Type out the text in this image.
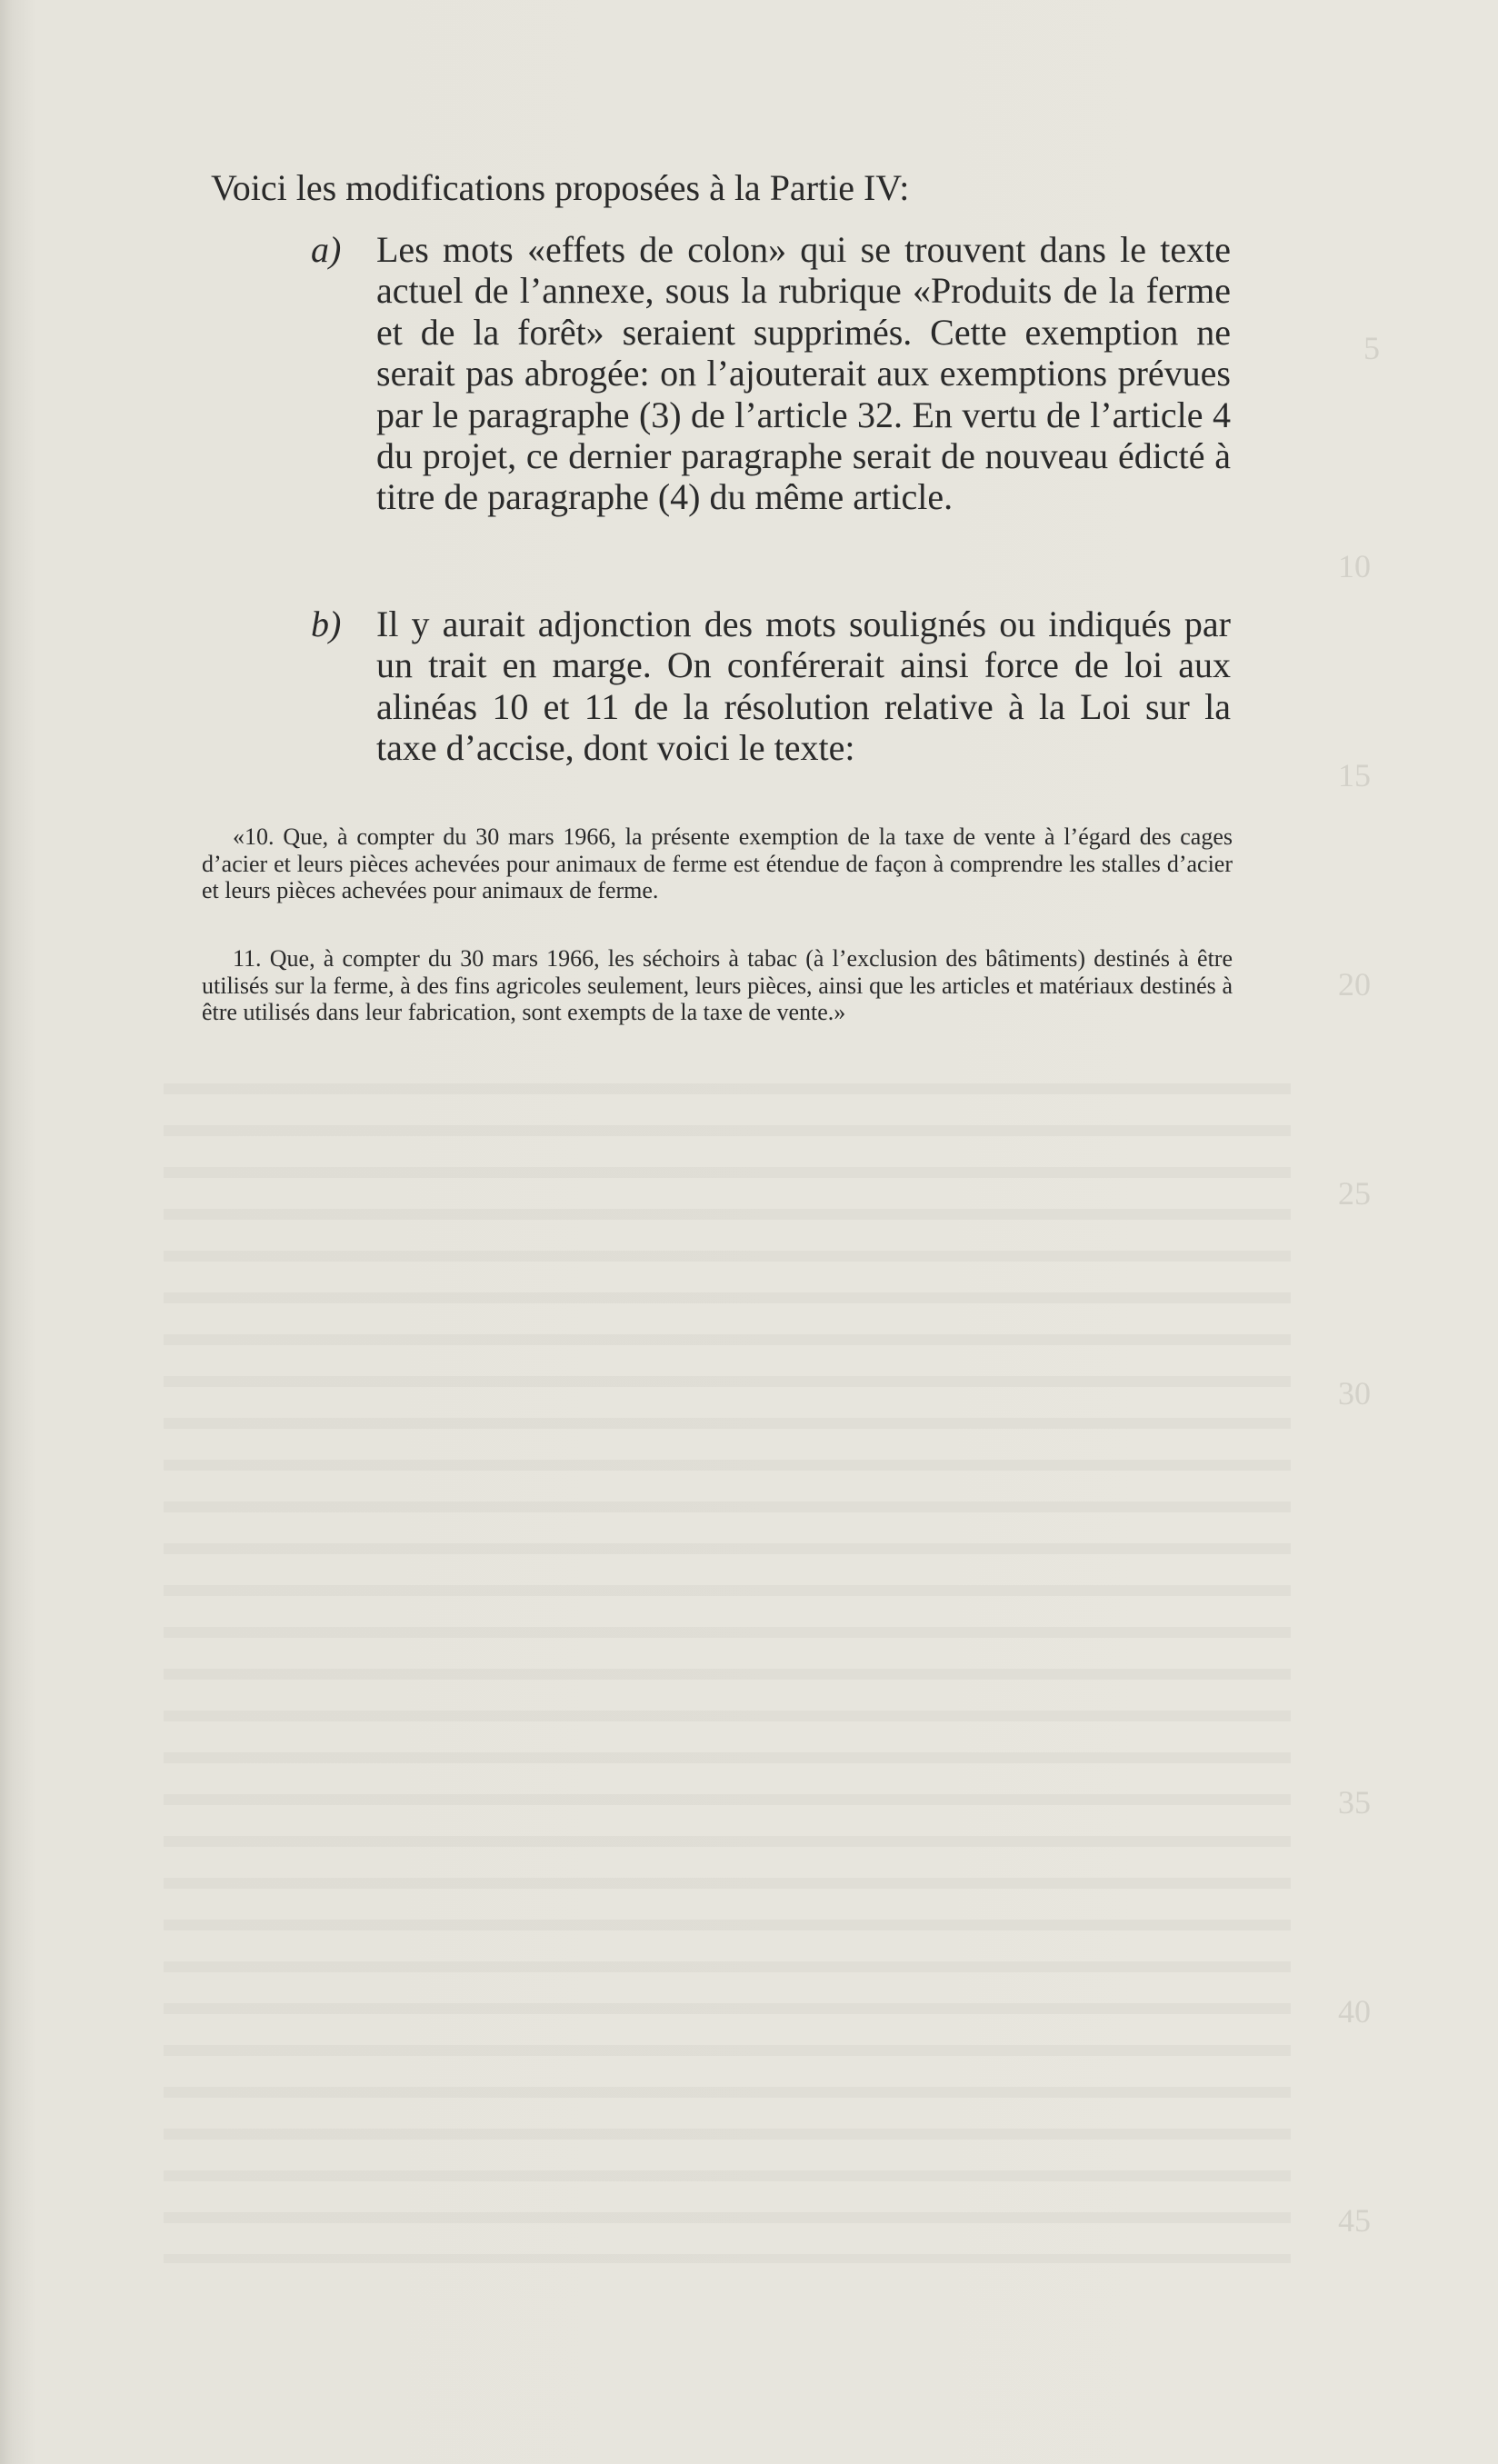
5
10
15
20
25
30
35
40
45

Voici les modifications proposées à la Partie IV:

a) Les mots «effets de colon» qui se trouvent dans le texte actuel de l’annexe, sous la rubrique «Produits de la ferme et de la forêt» seraient supprimés. Cette exemption ne serait pas abrogée: on l’ajouterait aux exemptions prévues par le paragraphe (3) de l’article 32. En vertu de l’article 4 du projet, ce dernier paragraphe serait de nouveau édicté à titre de paragraphe (4) du même article.

b) Il y aurait adjonction des mots soulignés ou indiqués par un trait en marge. On conférerait ainsi force de loi aux alinéas 10 et 11 de la résolution relative à la Loi sur la taxe d’accise, dont voici le texte:

«10. Que, à compter du 30 mars 1966, la présente exemption de la taxe de vente à l’égard des cages d’acier et leurs pièces achevées pour animaux de ferme est étendue de façon à comprendre les stalles d’acier et leurs pièces achevées pour animaux de ferme.

11. Que, à compter du 30 mars 1966, les séchoirs à tabac (à l’exclusion des bâtiments) destinés à être utilisés sur la ferme, à des fins agricoles seulement, leurs pièces, ainsi que les articles et matériaux destinés à être utilisés dans leur fabrication, sont exempts de la taxe de vente.»
